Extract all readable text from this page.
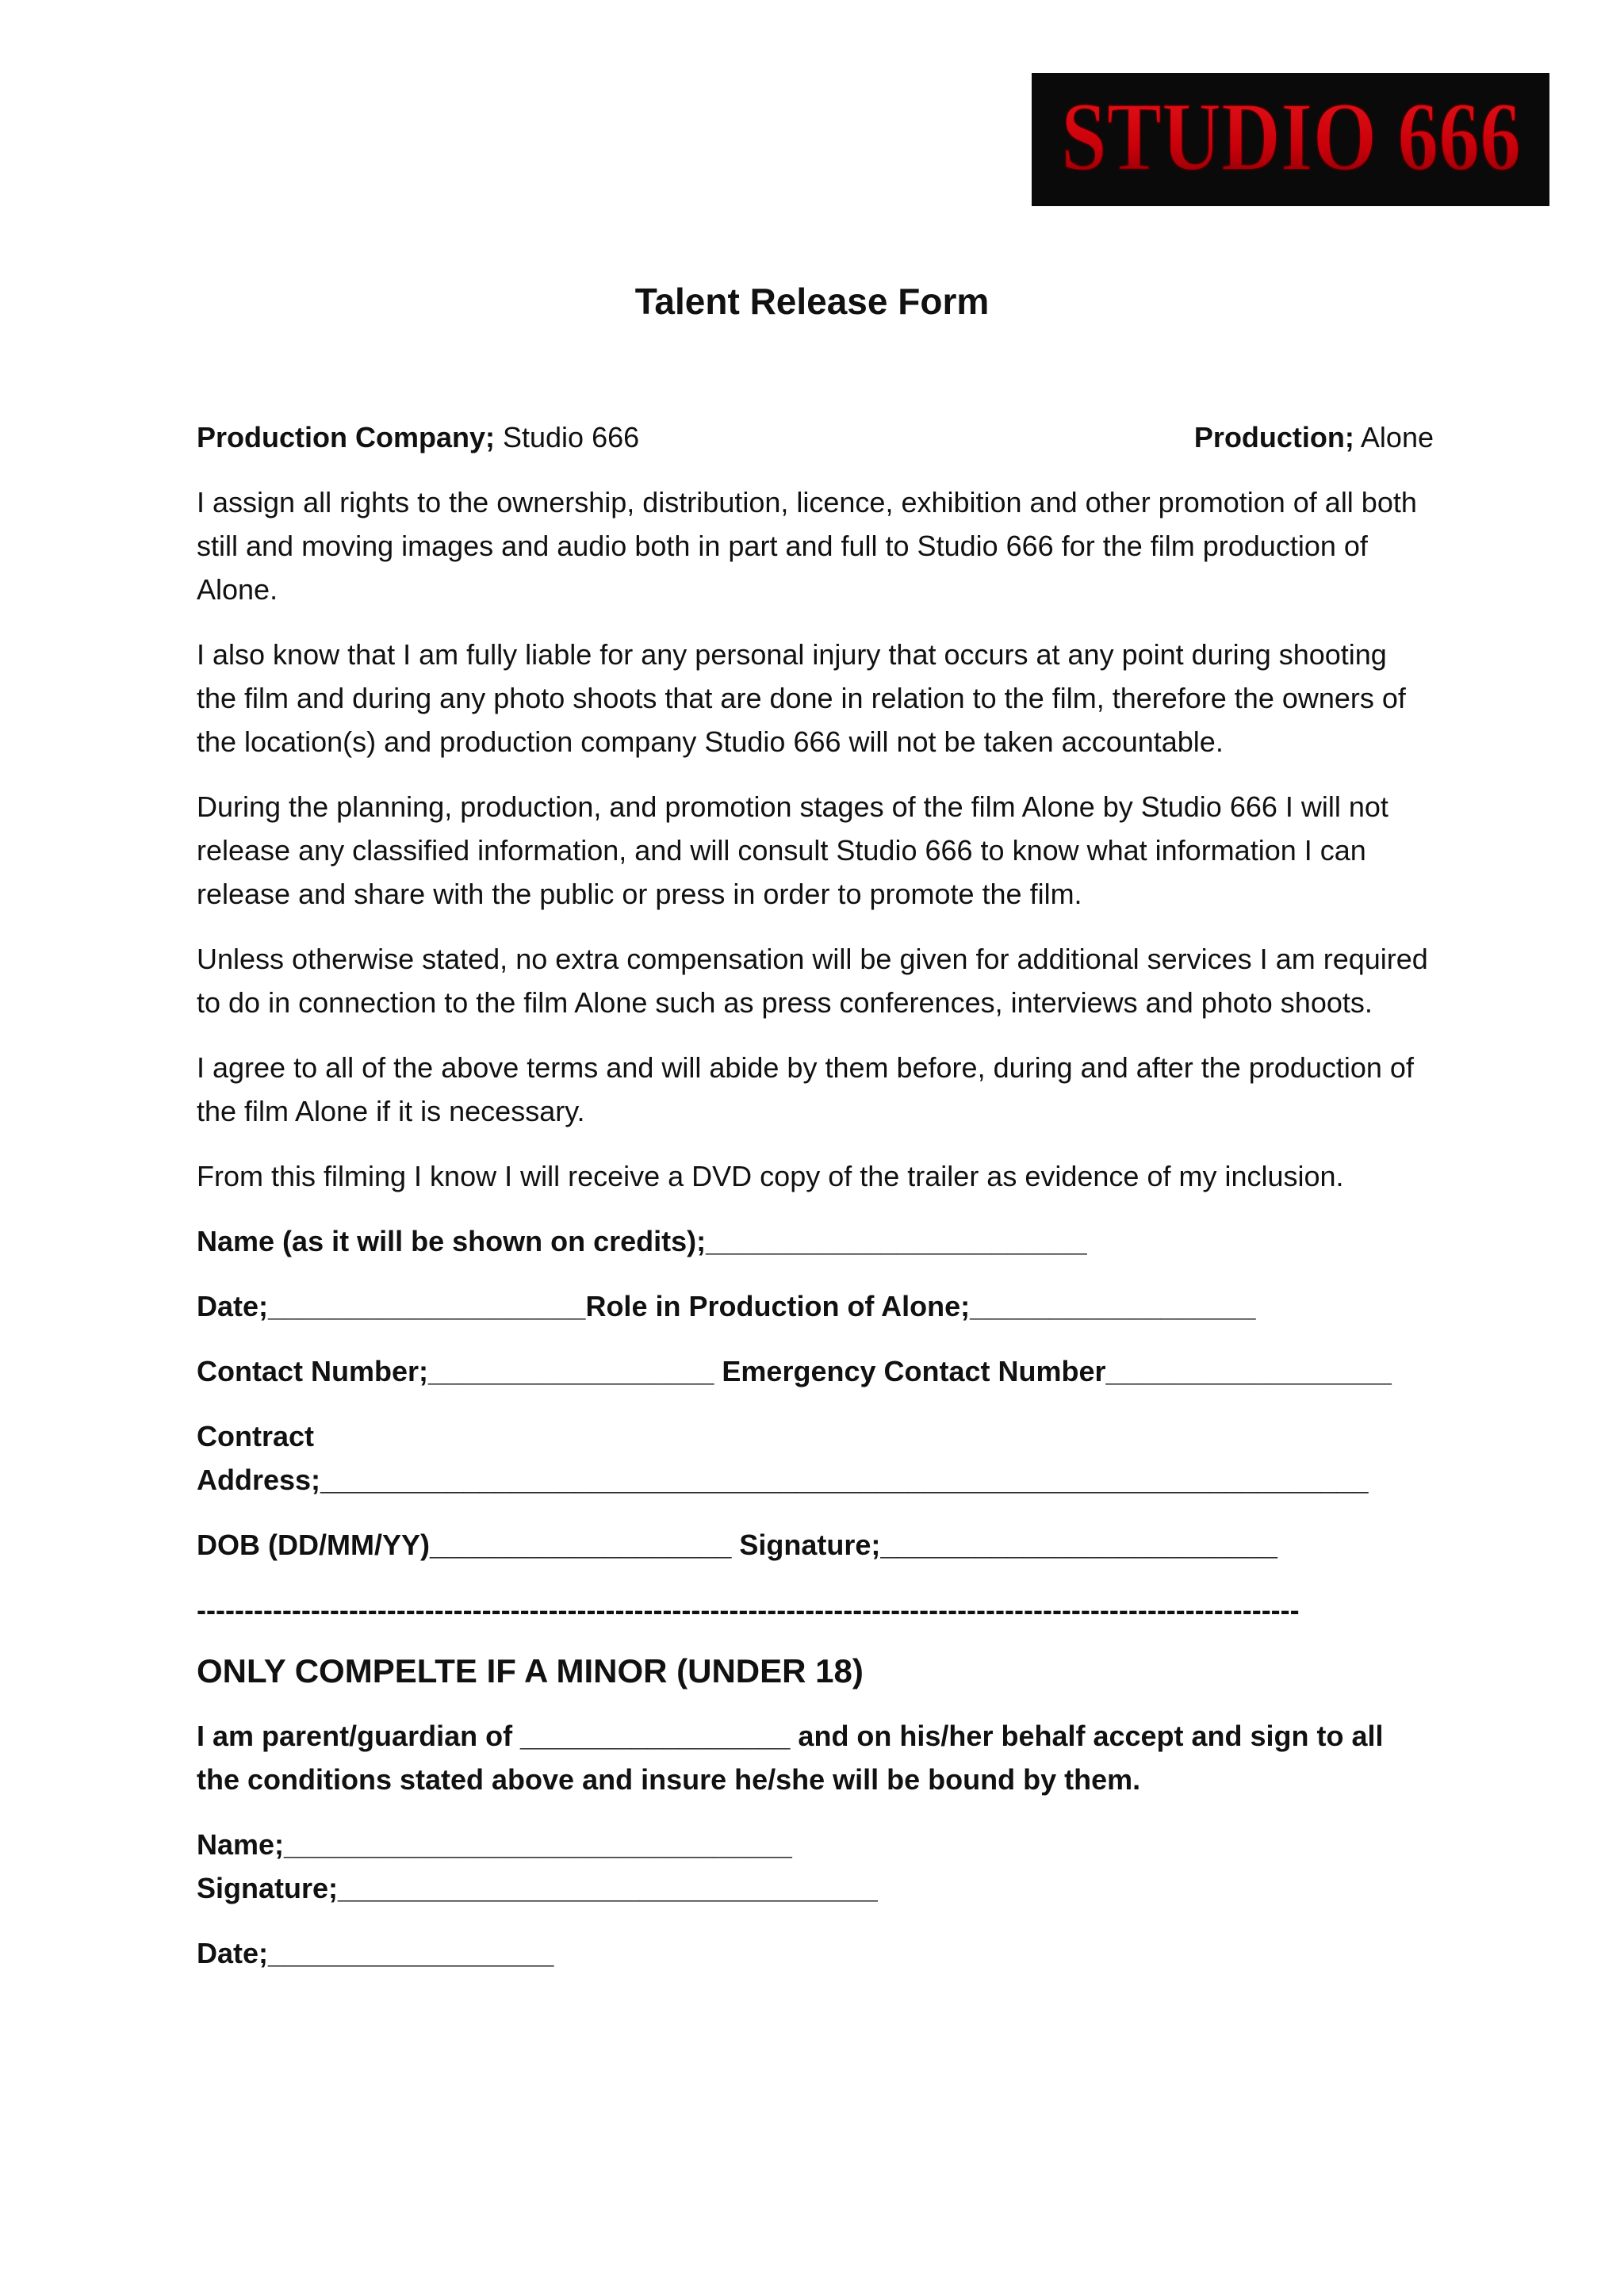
STUDIO 666
Talent Release Form
Production Company; Studio 666	Production; Alone

I assign all rights to the ownership, distribution, licence, exhibition and other promotion of all both still and moving images and audio both in part and full to Studio 666 for the film production of Alone.

I also know that I am fully liable for any personal injury that occurs at any point during shooting the film and during any photo shoots that are done in relation to the film, therefore the owners of the location(s) and production company Studio 666 will not be taken accountable.

During the planning, production, and promotion stages of the film Alone by Studio 666 I will not release any classified information, and will consult Studio 666 to know what information I can release and share with the public or press in order to promote the film.

Unless otherwise stated, no extra compensation will be given for additional services I am required to do in connection to the film Alone such as press conferences, interviews and photo shoots.

I agree to all of the above terms and will abide by them before, during and after the production of the film Alone if it is necessary.

From this filming I know I will receive a DVD copy of the trailer as evidence of my inclusion.

Name (as it will be shown on credits);________________________
Date;____________________Role in Production of Alone;__________________
Contact Number;__________________ Emergency Contact Number__________________
Contract
Address;__________________________________________________________________
DOB (DD/MM/YY)___________________ Signature;_________________________
--------------------------------------------------------------------------------------------------------------------
ONLY COMPELTE IF A MINOR (UNDER 18)
I am parent/guardian of _________________ and on his/her behalf accept and sign to all the conditions stated above and insure he/she will be bound by them.
Name;________________________________
Signature;__________________________________
Date;__________________
